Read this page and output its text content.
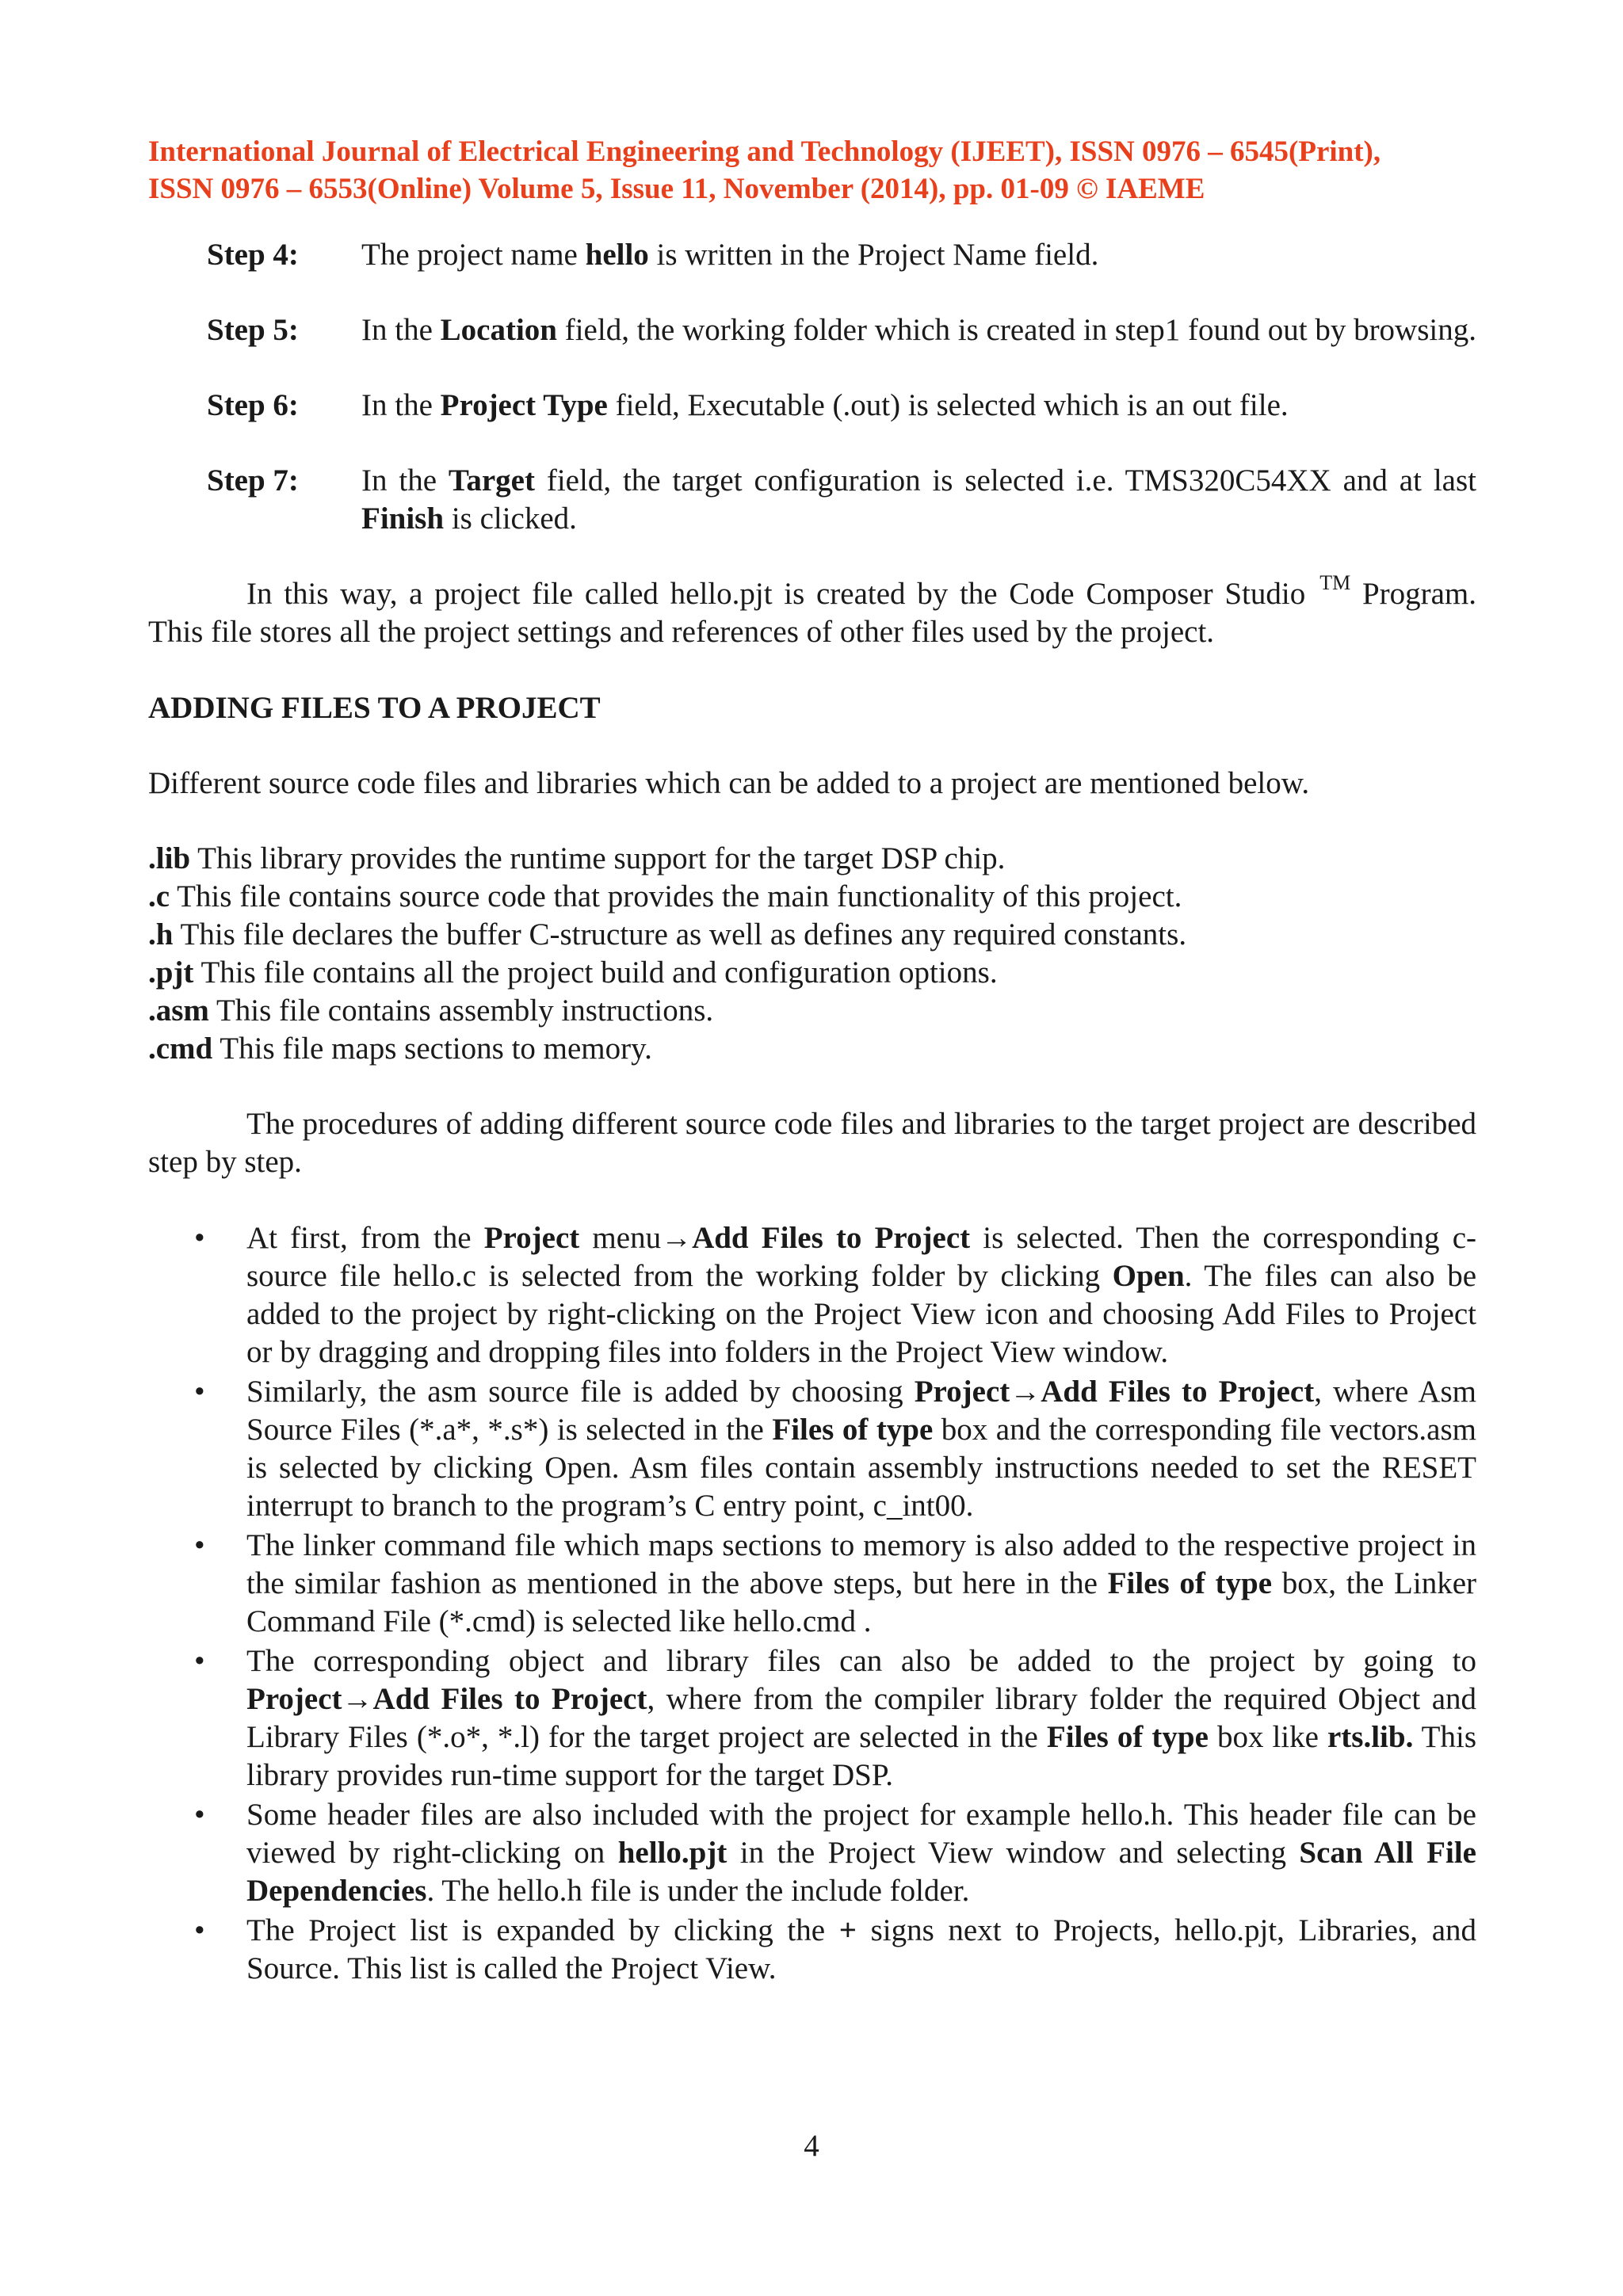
International Journal of Electrical Engineering and Technology (IJEET), ISSN 0976 – 6545(Print),
ISSN 0976 – 6553(Online) Volume 5, Issue 11, November (2014), pp. 01-09 © IAEME
Step 4:	The project name hello is written in the Project Name field.
Step 5:	In the Location field, the working folder which is created in step1 found out by browsing.
Step 6:	In the Project Type field, Executable (.out) is selected which is an out file.
Step 7:	In the Target field, the target configuration is selected i.e. TMS320C54XX and at last Finish is clicked.

In this way, a project file called hello.pjt is created by the Code Composer Studio ™ Program. This file stores all the project settings and references of other files used by the project.

ADDING FILES TO A PROJECT

Different source code files and libraries which can be added to a project are mentioned below.

.lib This library provides the runtime support for the target DSP chip.
.c This file contains source code that provides the main functionality of this project.
.h This file declares the buffer C-structure as well as defines any required constants.
.pjt This file contains all the project build and configuration options.
.asm This file contains assembly instructions.
.cmd This file maps sections to memory.

The procedures of adding different source code files and libraries to the target project are described step by step.

• At first, from the Project menu→Add Files to Project is selected. Then the corresponding c-source file hello.c is selected from the working folder by clicking Open. The files can also be added to the project by right-clicking on the Project View icon and choosing Add Files to Project or by dragging and dropping files into folders in the Project View window.
• Similarly, the asm source file is added by choosing Project→Add Files to Project, where Asm Source Files (*.a*, *.s*) is selected in the Files of type box and the corresponding file vectors.asm is selected by clicking Open. Asm files contain assembly instructions needed to set the RESET interrupt to branch to the program’s C entry point, c_int00.
• The linker command file which maps sections to memory is also added to the respective project in the similar fashion as mentioned in the above steps, but here in the Files of type box, the Linker Command File (*.cmd) is selected like hello.cmd .
• The corresponding object and library files can also be added to the project by going to Project→Add Files to Project, where from the compiler library folder the required Object and Library Files (*.o*, *.l) for the target project are selected in the Files of type box like rts.lib. This library provides run-time support for the target DSP.
• Some header files are also included with the project for example hello.h. This header file can be viewed by right-clicking on hello.pjt in the Project View window and selecting Scan All File Dependencies. The hello.h file is under the include folder.
• The Project list is expanded by clicking the + signs next to Projects, hello.pjt, Libraries, and Source. This list is called the Project View.
4
